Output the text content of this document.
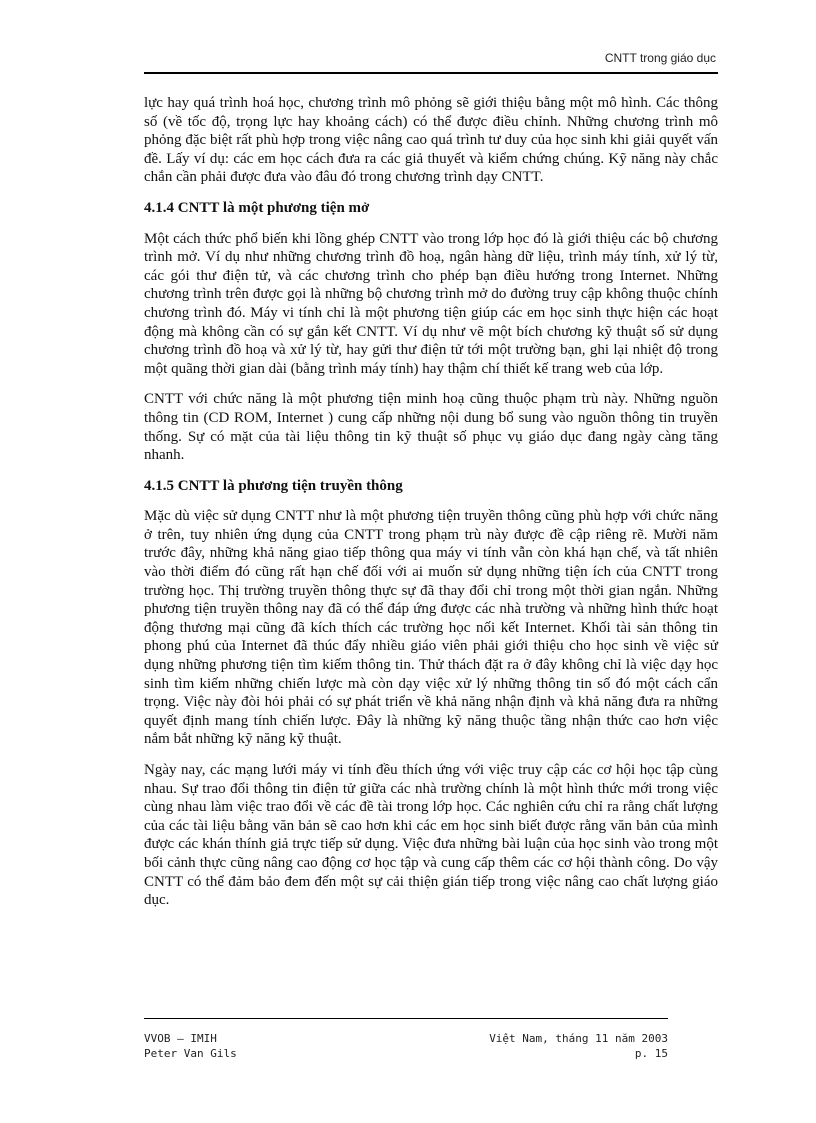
CNTT trong giáo dục

lực hay quá trình hoá học, chương trình mô phỏng sẽ giới thiệu bằng một mô hình. Các thông số (về tốc độ, trọng lực hay khoảng cách) có thể được điều chỉnh. Những chương trình mô phỏng đặc biệt rất phù hợp trong việc nâng cao quá trình tư duy của học sinh khi giải quyết vấn đề. Lấy ví dụ: các em học cách đưa ra các giả thuyết và kiểm chứng chúng. Kỹ năng này chắc chắn cần phải được đưa vào đâu đó trong chương trình dạy CNTT.

4.1.4 CNTT là một phương tiện mở

Một cách thức phổ biến khi lồng ghép CNTT vào trong lớp học đó là giới thiệu các bộ chương trình mở. Ví dụ như những chương trình đồ hoạ, ngân hàng dữ liệu, trình máy tính, xử lý từ, các gói thư điện tử, và các chương trình cho phép bạn điều hướng trong Internet. Những chương trình trên được gọi là những bộ chương trình mở do đường truy cập không thuộc chính chương trình đó. Máy vi tính chỉ là một phương tiện giúp các em học sinh thực hiện các hoạt động mà không cần có sự gắn kết CNTT. Ví dụ như vẽ một bích chương kỹ thuật số sử dụng chương trình đồ hoạ và xử lý từ, hay gửi thư điện tử tới một trường bạn, ghi lại nhiệt độ trong một quãng thời gian dài (bằng trình máy tính) hay thậm chí thiết kế trang web của lớp.

CNTT với chức năng là một phương tiện minh hoạ cũng thuộc phạm trù này. Những nguồn thông tin (CD ROM, Internet ) cung cấp những nội dung bổ sung vào nguồn thông tin truyền thống. Sự có mặt của tài liệu thông tin kỹ thuật số phục vụ giáo dục đang ngày càng tăng nhanh.

4.1.5 CNTT là phương tiện truyền thông

Mặc dù việc sử dụng CNTT như là một phương tiện truyền thông cũng phù hợp với chức năng ở trên, tuy nhiên ứng dụng của CNTT trong phạm trù này được đề cập riêng rẽ. Mười năm trước đây, những khả năng giao tiếp thông qua máy vi tính vẫn còn khá hạn chế, và tất nhiên vào thời điểm đó cũng rất hạn chế đối với ai muốn sử dụng những tiện ích của CNTT trong trường học. Thị trường truyền thông thực sự đã thay đổi chỉ trong một thời gian ngắn. Những phương tiện truyền thông nay đã có thể đáp ứng được các nhà trường và những hình thức hoạt động thương mại cũng đã kích thích các trường học nối kết Internet. Khối tài sản thông tin phong phú của Internet đã thúc đẩy nhiều giáo viên phải giới thiệu cho học sinh về việc sử dụng những phương tiện tìm kiếm thông tin. Thử thách đặt ra ở đây không chỉ là việc dạy học sinh tìm kiếm những chiến lược mà còn dạy việc xử lý những thông tin số đó một cách cẩn trọng. Việc này đòi hỏi phải có sự phát triển về khả năng nhận định và khả năng đưa ra những quyết định mang tính chiến lược. Đây là những kỹ năng thuộc tầng nhận thức cao hơn việc nắm bắt những kỹ năng kỹ thuật.

Ngày nay, các mạng lưới máy vi tính đều thích ứng với việc truy cập các cơ hội học tập cùng nhau. Sự trao đổi thông tin điện tử giữa các nhà trường chính là một hình thức mới trong việc cùng nhau làm việc trao đổi về các đề tài trong lớp học. Các nghiên cứu chỉ ra rằng chất lượng của các tài liệu bằng văn bản sẽ cao hơn khi các em học sinh biết được rằng văn bản của mình được các khán thính giả trực tiếp sử dụng. Việc đưa những bài luận của học sinh vào trong một bối cảnh thực cũng nâng cao động cơ học tập và cung cấp thêm các cơ hội thành công. Do vậy CNTT có thể đảm bảo đem đến một sự cải thiện gián tiếp trong việc nâng cao chất lượng giáo dục.

VVOB – IMIH	Việt Nam, tháng 11 năm 2003
Peter Van Gils	p. 15
